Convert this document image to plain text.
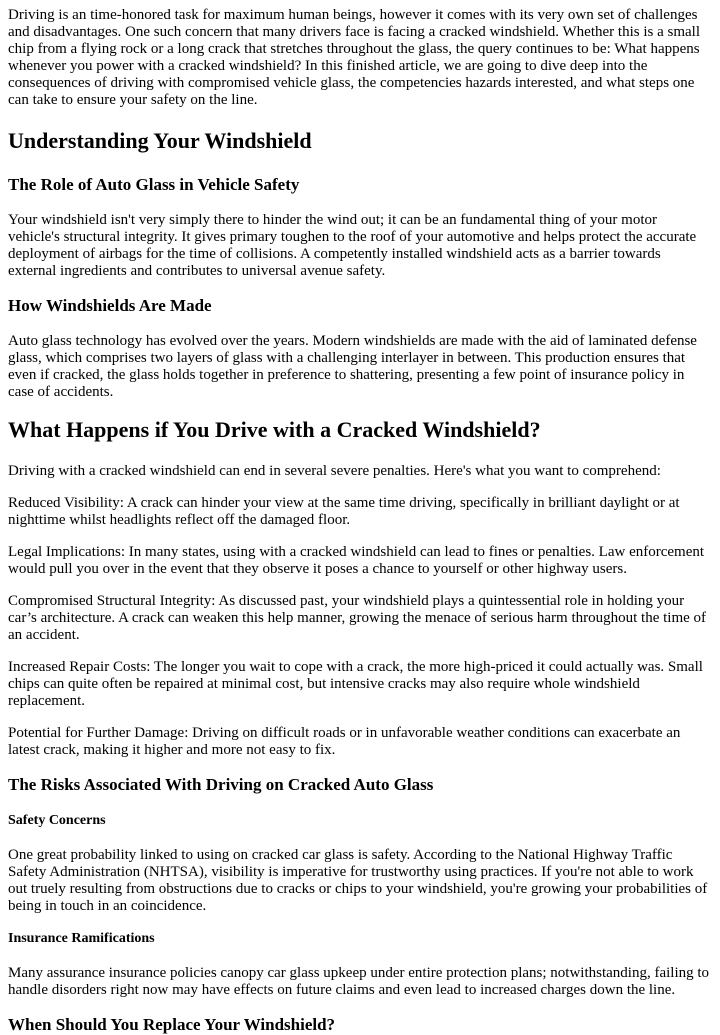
Driving is an time-honored task for maximum human beings, however it comes with its very own set of challenges and disadvantages. One such concern that many drivers face is facing a cracked windshield. Whether this is a small chip from a flying rock or a long crack that stretches throughout the glass, the query continues to be: What happens whenever you power with a cracked windshield? In this finished article, we are going to dive deep into the consequences of driving with compromised vehicle glass, the competencies hazards interested, and what steps one can take to ensure your safety on the line.

Understanding Your Windshield
The Role of Auto Glass in Vehicle Safety

Your windshield isn't very simply there to hinder the wind out; it can be an fundamental thing of your motor vehicle's structural integrity. It gives primary toughen to the roof of your automotive and helps protect the accurate deployment of airbags for the time of collisions. A competently installed windshield acts as a barrier towards external ingredients and contributes to universal avenue safety.

How Windshields Are Made

Auto glass technology has evolved over the years. Modern windshields are made with the aid of laminated defense glass, which comprises two layers of glass with a challenging interlayer in between. This production ensures that even if cracked, the glass holds together in preference to shattering, presenting a few point of insurance policy in case of accidents.

What Happens if You Drive with a Cracked Windshield?

Driving with a cracked windshield can end in several severe penalties. Here's what you want to comprehend:

Reduced Visibility: A crack can hinder your view at the same time driving, specifically in brilliant daylight or at nighttime whilst headlights reflect off the damaged floor.

Legal Implications: In many states, using with a cracked windshield can lead to fines or penalties. Law enforcement would pull you over in the event that they observe it poses a chance to yourself or other highway users.

Compromised Structural Integrity: As discussed past, your windshield plays a quintessential role in holding your car’s architecture. A crack can weaken this help manner, growing the menace of serious harm throughout the time of an accident.

Increased Repair Costs: The longer you wait to cope with a crack, the more high-priced it could actually was. Small chips can quite often be repaired at minimal cost, but intensive cracks may also require whole windshield replacement.

Potential for Further Damage: Driving on difficult roads or in unfavorable weather conditions can exacerbate an latest crack, making it higher and more not easy to fix.

The Risks Associated With Driving on Cracked Auto Glass
Safety Concerns

One great probability linked to using on cracked car glass is safety. According to the National Highway Traffic Safety Administration (NHTSA), visibility is imperative for trustworthy using practices. If you're not able to work out truely resulting from obstructions due to cracks or chips to your windshield, you're growing your probabilities of being in touch in an coincidence.

Insurance Ramifications

Many assurance insurance policies canopy car glass upkeep under entire protection plans; notwithstanding, failing to handle disorders right now may have effects on future claims and even lead to increased charges down the line.

When Should You Replace Your Windshield?
